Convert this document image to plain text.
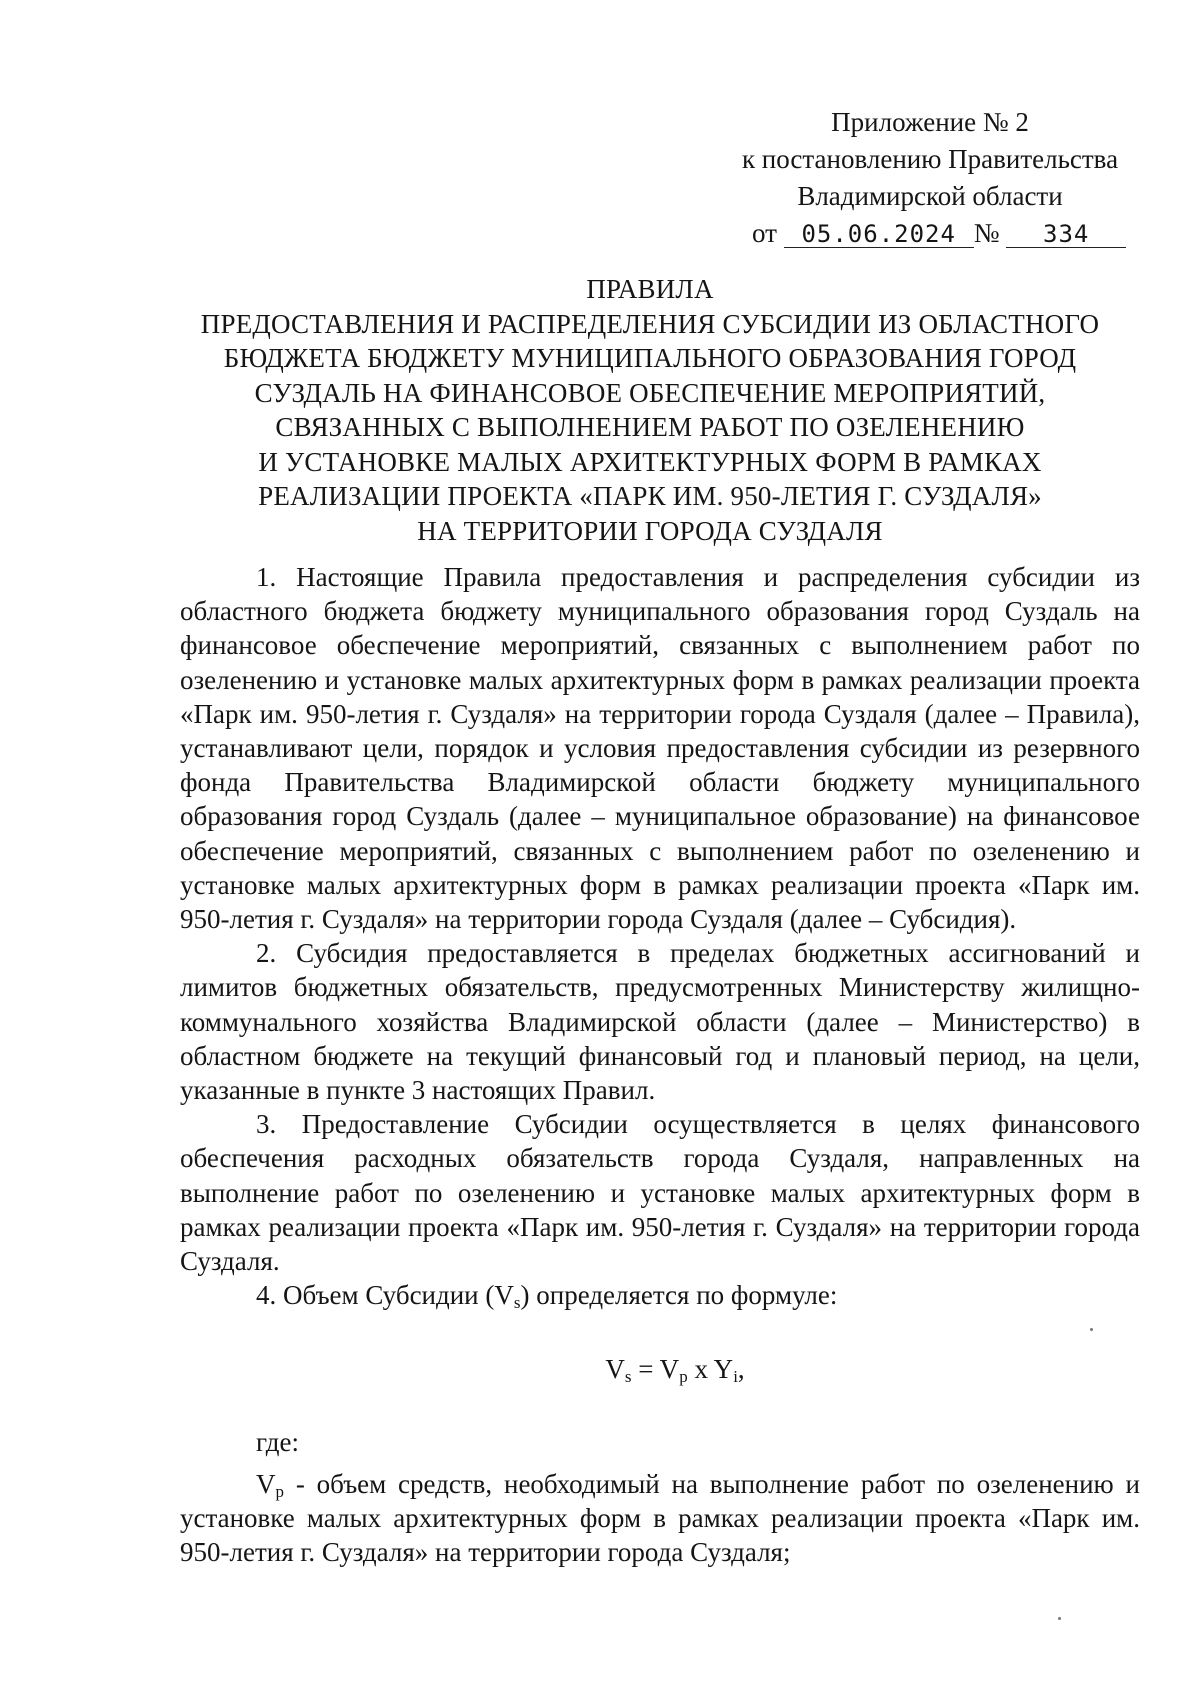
Приложение № 2
к постановлению Правительства
Владимирской области
от 05.06.2024 № 334
ПРАВИЛА
ПРЕДОСТАВЛЕНИЯ И РАСПРЕДЕЛЕНИЯ СУБСИДИИ ИЗ ОБЛАСТНОГО
БЮДЖЕТА БЮДЖЕТУ МУНИЦИПАЛЬНОГО ОБРАЗОВАНИЯ ГОРОД
СУЗДАЛЬ НА ФИНАНСОВОЕ ОБЕСПЕЧЕНИЕ МЕРОПРИЯТИЙ,
СВЯЗАННЫХ С ВЫПОЛНЕНИЕМ РАБОТ ПО ОЗЕЛЕНЕНИЮ
И УСТАНОВКЕ МАЛЫХ АРХИТЕКТУРНЫХ ФОРМ В РАМКАХ
РЕАЛИЗАЦИИ ПРОЕКТА «ПАРК ИМ. 950-ЛЕТИЯ Г. СУЗДАЛЯ»
НА ТЕРРИТОРИИ ГОРОДА СУЗДАЛЯ

1. Настоящие Правила предоставления и распределения субсидии из областного бюджета бюджету муниципального образования город Суздаль на финансовое обеспечение мероприятий, связанных с выполнением работ по озеленению и установке малых архитектурных форм в рамках реализации проекта «Парк им. 950-летия г. Суздаля» на территории города Суздаля (далее – Правила), устанавливают цели, порядок и условия предоставления субсидии из резервного фонда Правительства Владимирской области бюджету муниципального образования город Суздаль (далее – муниципальное образование) на финансовое обеспечение мероприятий, связанных с выполнением работ по озеленению и установке малых архитектурных форм в рамках реализации проекта «Парк им. 950-летия г. Суздаля» на территории города Суздаля (далее – Субсидия).

2. Субсидия предоставляется в пределах бюджетных ассигнований и лимитов бюджетных обязательств, предусмотренных Министерству жилищно-коммунального хозяйства Владимирской области (далее – Министерство) в областном бюджете на текущий финансовый год и плановый период, на цели, указанные в пункте 3 настоящих Правил.

3. Предоставление Субсидии осуществляется в целях финансового обеспечения расходных обязательств города Суздаля, направленных на выполнение работ по озеленению и установке малых архитектурных форм в рамках реализации проекта «Парк им. 950-летия г. Суздаля» на территории города Суздаля.

4. Объем Субсидии $(V_s)$ определяется по формуле:

$V_s = V_p$ x $Y_i$,

где:

$V_p$ - объем средств, необходимый на выполнение работ по озеленению и установке малых архитектурных форм в рамках реализации проекта «Парк им. 950-летия г. Суздаля» на территории города Суздаля;
